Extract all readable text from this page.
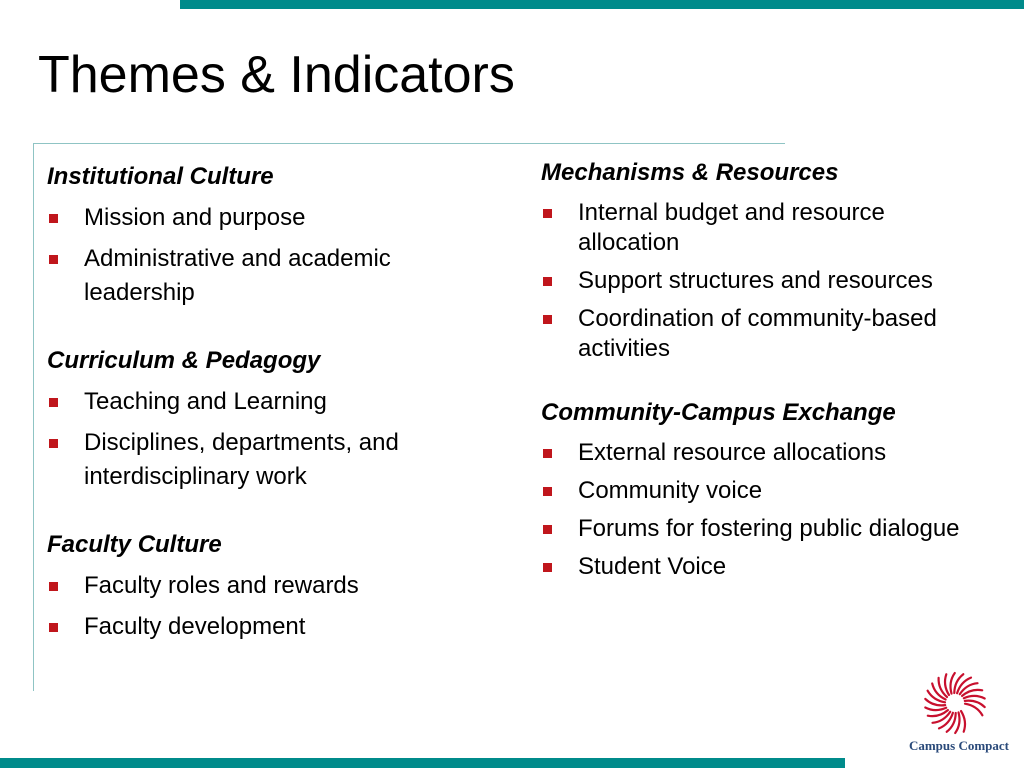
Themes & Indicators
Institutional Culture
Mission and purpose
Administrative and academic leadership
Curriculum & Pedagogy
Teaching and Learning
Disciplines, departments, and interdisciplinary work
Faculty Culture
Faculty roles and rewards
Faculty development
Mechanisms & Resources
Internal budget and resource allocation
Support structures and resources
Coordination of community-based activities
Community-Campus Exchange
External resource allocations
Community voice
Forums for fostering public dialogue
Student Voice
Campus Compact
